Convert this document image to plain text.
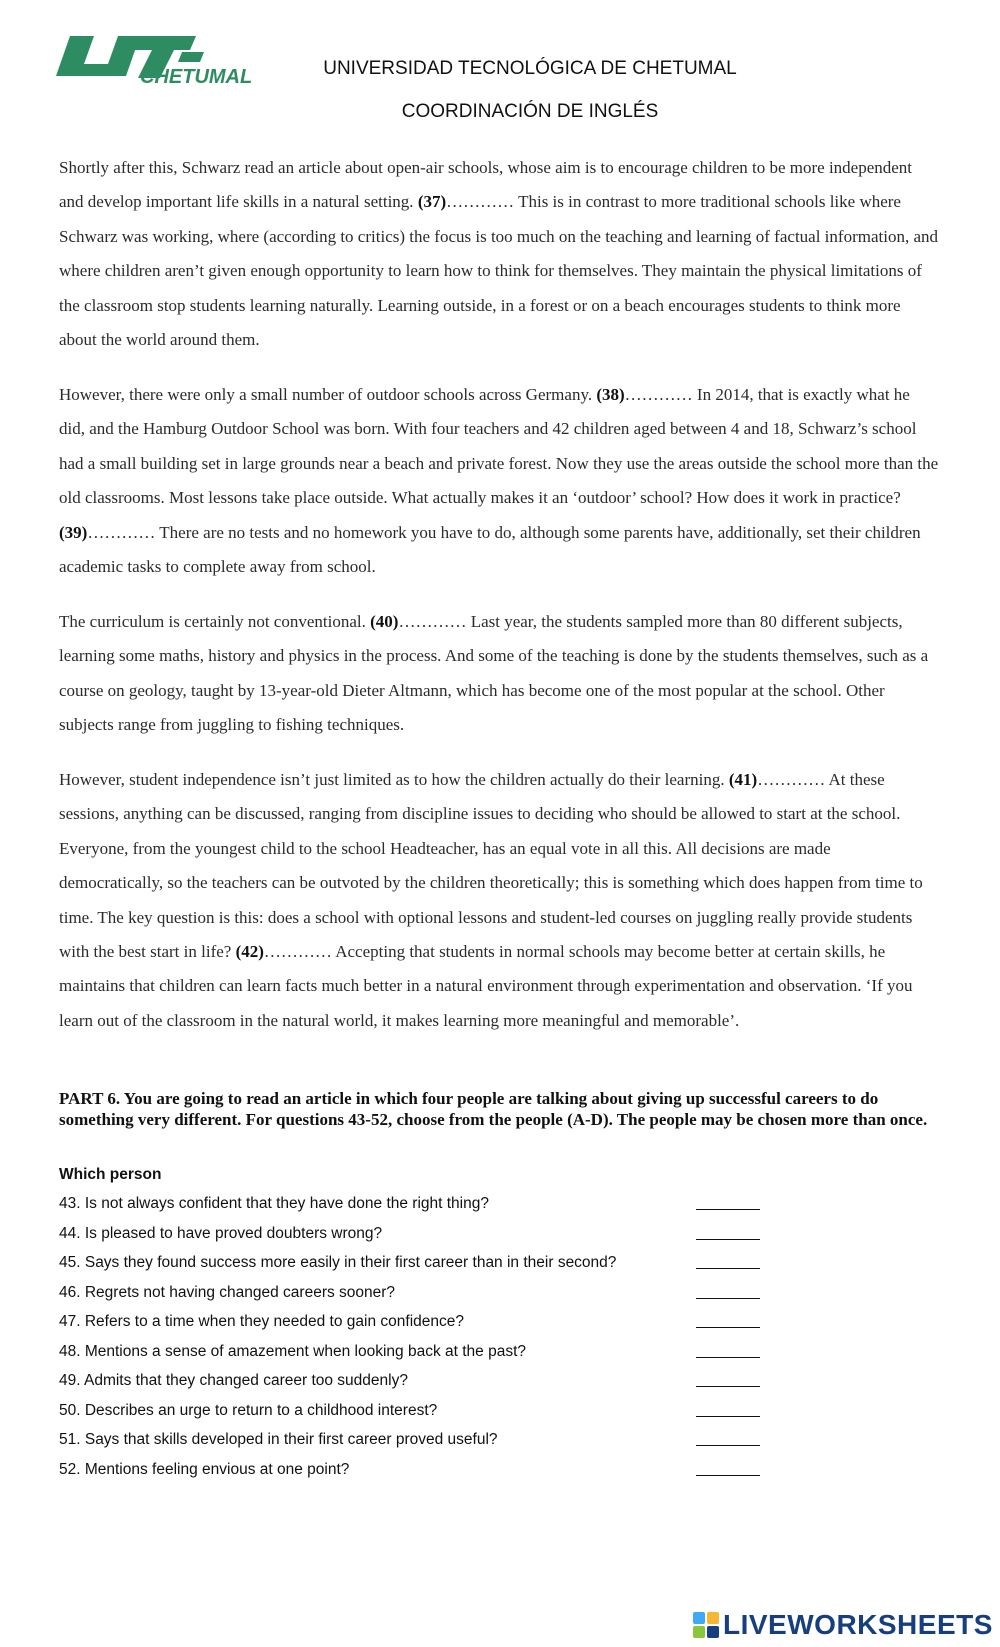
CHETUMAL	UNIVERSIDAD TECNOLÓGICA DE CHETUMAL
COORDINACIÓN DE INGLÉS

Shortly after this, Schwarz read an article about open-air schools, whose aim is to encourage children to be more independent and develop important life skills in a natural setting. (37)………… This is in contrast to more traditional schools like where Schwarz was working, where (according to critics) the focus is too much on the teaching and learning of factual information, and where children aren’t given enough opportunity to learn how to think for themselves. They maintain the physical limitations of the classroom stop students learning naturally. Learning outside, in a forest or on a beach encourages students to think more about the world around them.

However, there were only a small number of outdoor schools across Germany. (38)………… In 2014, that is exactly what he did, and the Hamburg Outdoor School was born. With four teachers and 42 children aged between 4 and 18, Schwarz’s school had a small building set in large grounds near a beach and private forest. Now they use the areas outside the school more than the old classrooms. Most lessons take place outside. What actually makes it an ‘outdoor’ school? How does it work in practice? (39)………… There are no tests and no homework you have to do, although some parents have, additionally, set their children academic tasks to complete away from school.

The curriculum is certainly not conventional. (40)………… Last year, the students sampled more than 80 different subjects, learning some maths, history and physics in the process. And some of the teaching is done by the students themselves, such as a course on geology, taught by 13-year-old Dieter Altmann, which has become one of the most popular at the school. Other subjects range from juggling to fishing techniques.

However, student independence isn’t just limited as to how the children actually do their learning. (41)………… At these sessions, anything can be discussed, ranging from discipline issues to deciding who should be allowed to start at the school. Everyone, from the youngest child to the school Headteacher, has an equal vote in all this. All decisions are made democratically, so the teachers can be outvoted by the children theoretically; this is something which does happen from time to time. The key question is this: does a school with optional lessons and student-led courses on juggling really provide students with the best start in life? (42)………… Accepting that students in normal schools may become better at certain skills, he maintains that children can learn facts much better in a natural environment through experimentation and observation. ‘If you learn out of the classroom in the natural world, it makes learning more meaningful and memorable’.

PART 6. You are going to read an article in which four people are talking about giving up successful careers to do something very different. For questions 43-52, choose from the people (A-D). The people may be chosen more than once.

Which person
43. Is not always confident that they have done the right thing?
44. Is pleased to have proved doubters wrong?
45. Says they found success more easily in their first career than in their second?
46. Regrets not having changed careers sooner?
47. Refers to a time when they needed to gain confidence?
48. Mentions a sense of amazement when looking back at the past?
49. Admits that they changed career too suddenly?
50. Describes an urge to return to a childhood interest?
51. Says that skills developed in their first career proved useful?
52. Mentions feeling envious at one point?
LIVEWORKSHEETS
